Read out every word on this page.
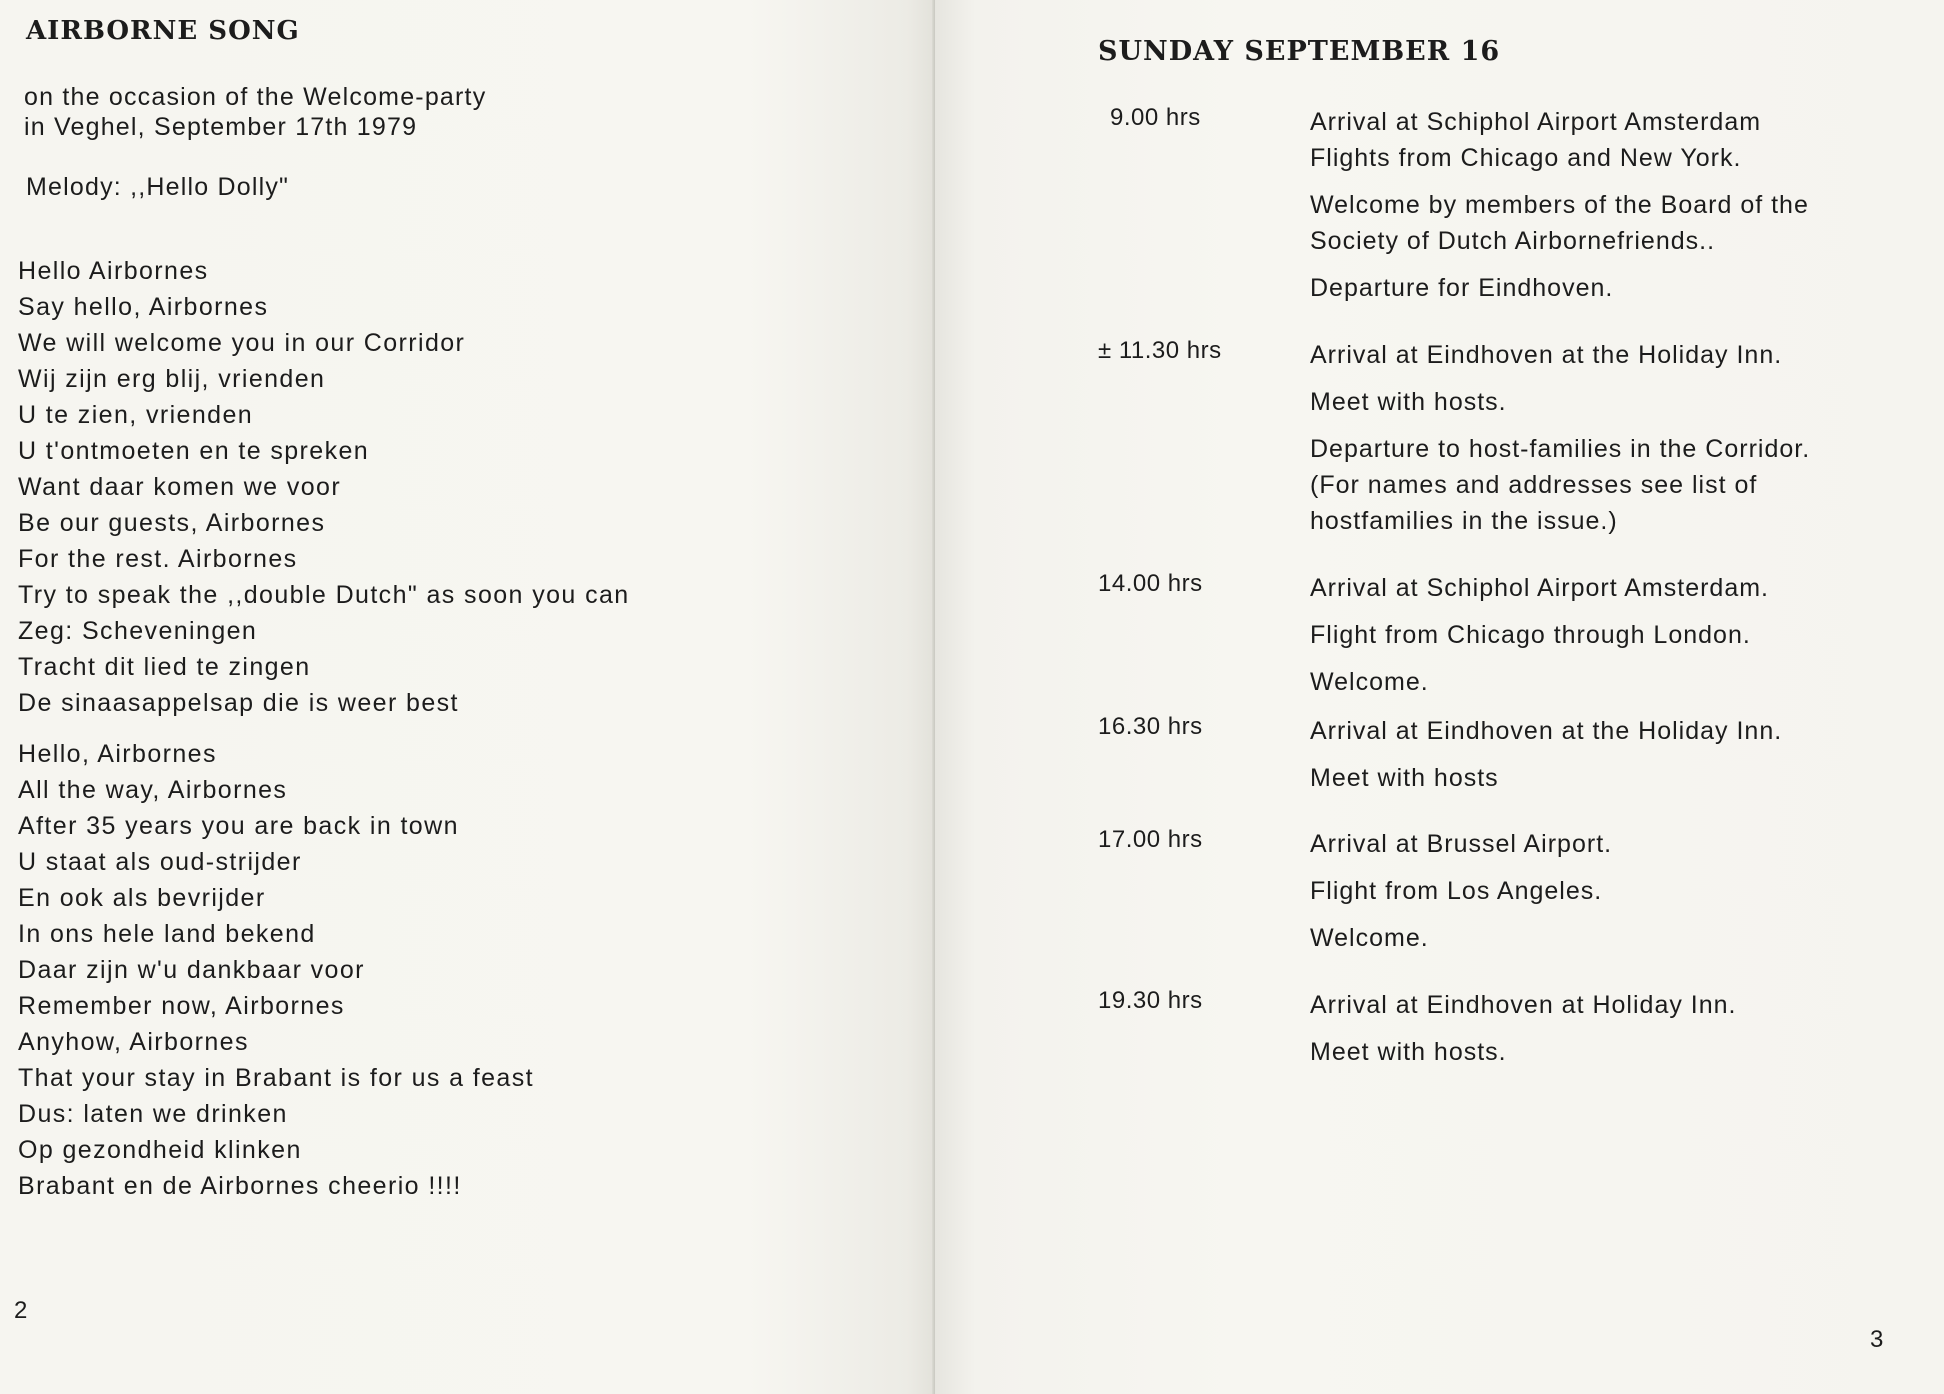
AIRBORNE SONG
on the occasion of the Welcome-party
in Veghel, September 17th 1979
Melody: ,,Hello Dolly"
Hello Airbornes
Say hello, Airbornes
We will welcome you in our Corridor
Wij zijn erg blij, vrienden
U te zien, vrienden
U t'ontmoeten en te spreken
Want daar komen we voor
Be our guests, Airbornes
For the rest. Airbornes
Try to speak the ,,double Dutch" as soon you can
Zeg: Scheveningen
Tracht dit lied te zingen
De sinaasappelsap die is weer best
Hello, Airbornes
All the way, Airbornes
After 35 years you are back in town
U staat als oud-strijder
En ook als bevrijder
In ons hele land bekend
Daar zijn w'u dankbaar voor
Remember now, Airbornes
Anyhow, Airbornes
That your stay in Brabant is for us a feast
Dus: laten we drinken
Op gezondheid klinken
Brabant en de Airbornes cheerio !!!!
2
SUNDAY SEPTEMBER 16
9.00 hrs	Arrival at Schiphol Airport Amsterdam
Flights from Chicago and New York.
Welcome by members of the Board of the
Society of Dutch Airbornefriends..
Departure for Eindhoven.
± 11.30 hrs	Arrival at Eindhoven at the Holiday Inn.
Meet with hosts.
Departure to host-families in the Corridor.
(For names and addresses see list of
hostfamilies in the issue.)
14.00 hrs	Arrival at Schiphol Airport Amsterdam.
Flight from Chicago through London.
Welcome.
16.30 hrs	Arrival at Eindhoven at the Holiday Inn.
Meet with hosts
17.00 hrs	Arrival at Brussel Airport.
Flight from Los Angeles.
Welcome.
19.30 hrs	Arrival at Eindhoven at Holiday Inn.
Meet with hosts.
3
